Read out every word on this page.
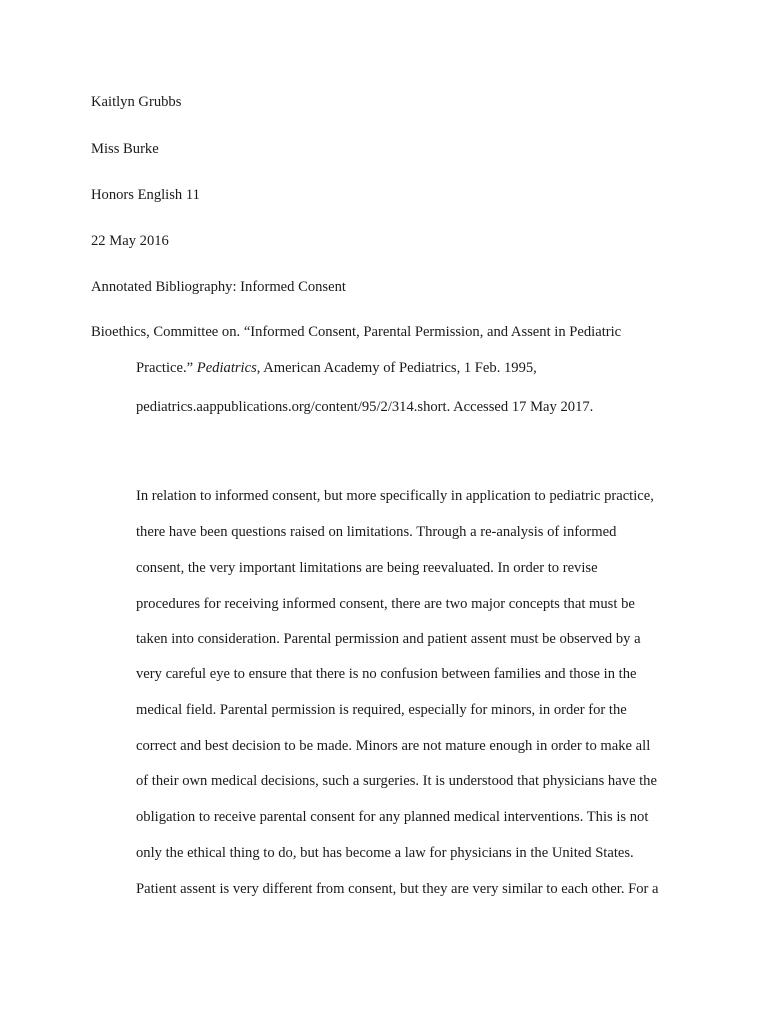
Kaitlyn Grubbs
Miss Burke
Honors English 11
22 May 2016
Annotated Bibliography: Informed Consent
Bioethics, Committee on. “Informed Consent, Parental Permission, and Assent in Pediatric
Practice.” Pediatrics, American Academy of Pediatrics, 1 Feb. 1995,
pediatrics.aappublications.org/content/95/2/314.short. Accessed 17 May 2017.
In relation to informed consent, but more specifically in application to pediatric practice,
there have been questions raised on limitations. Through a re-analysis of informed
consent, the very important limitations are being reevaluated. In order to revise
procedures for receiving informed consent, there are two major concepts that must be
taken into consideration. Parental permission and patient assent must be observed by a
very careful eye to ensure that there is no confusion between families and those in the
medical field. Parental permission is required, especially for minors, in order for the
correct and best decision to be made. Minors are not mature enough in order to make all
of their own medical decisions, such a surgeries. It is understood that physicians have the
obligation to receive parental consent for any planned medical interventions. This is not
only the ethical thing to do, but has become a law for physicians in the United States.
Patient assent is very different from consent, but they are very similar to each other. For a
